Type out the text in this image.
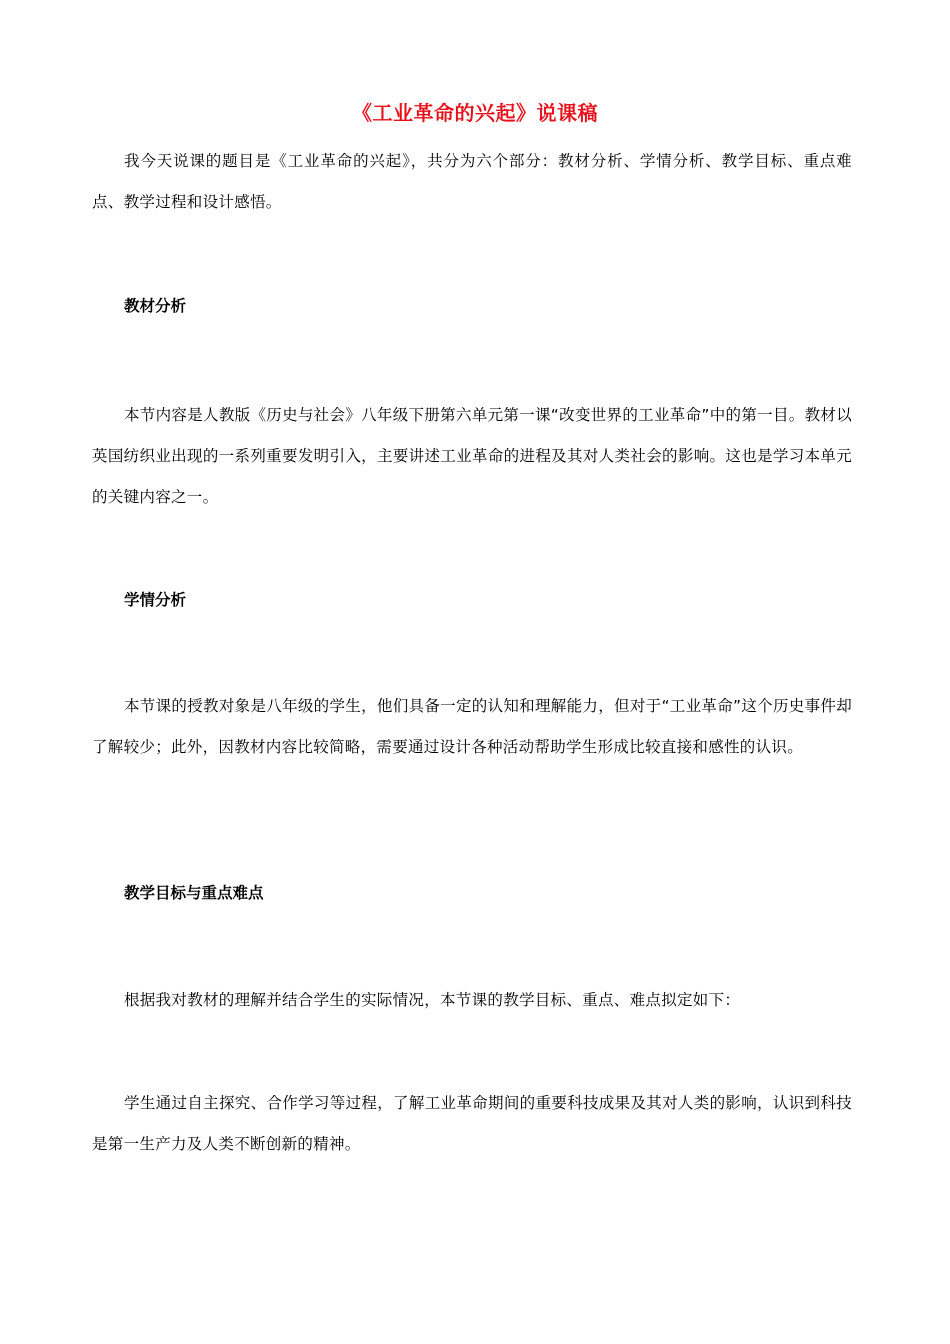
《工业革命的兴起》说课稿

我今天说课的题目是《工业革命的兴起》，共分为六个部分：教材分析、学情分析、教学目标、重点难点、教学过程和设计感悟。

教材分析

本节内容是人教版《历史与社会》八年级下册第六单元第一课“改变世界的工业革命”中的第一目。教材以英国纺织业出现的一系列重要发明引入，主要讲述工业革命的进程及其对人类社会的影响。这也是学习本单元的关键内容之一。

学情分析

本节课的授教对象是八年级的学生，他们具备一定的认知和理解能力，但对于“工业革命”这个历史事件却了解较少；此外，因教材内容比较简略，需要通过设计各种活动帮助学生形成比较直接和感性的认识。

教学目标与重点难点

根据我对教材的理解并结合学生的实际情况，本节课的教学目标、重点、难点拟定如下：

学生通过自主探究、合作学习等过程，了解工业革命期间的重要科技成果及其对人类的影响，认识到科技是第一生产力及人类不断创新的精神。
